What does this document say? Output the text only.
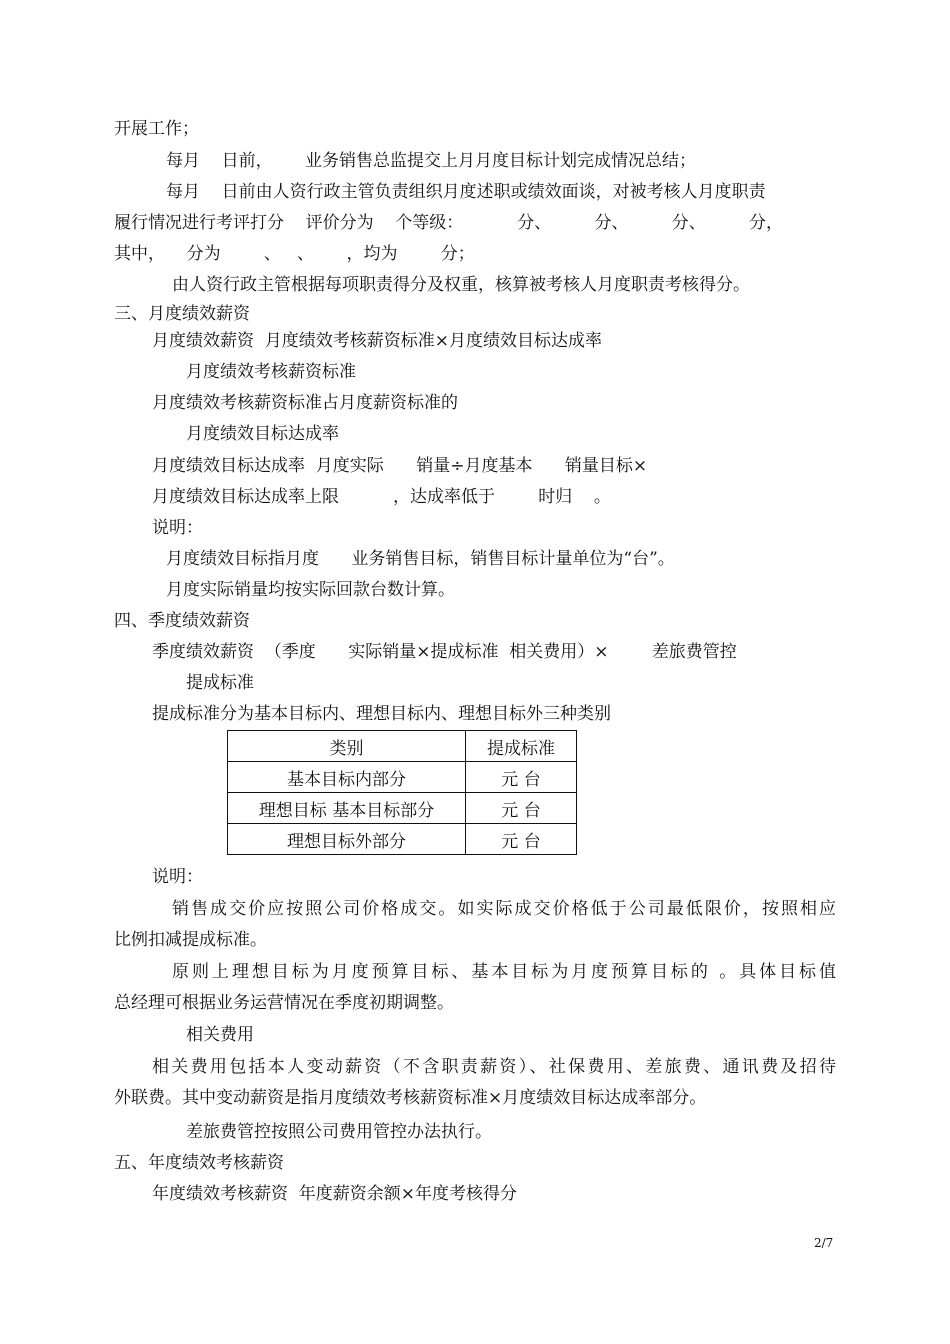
开展工作；
每月    日前，      业务销售总监提交上月月度目标计划完成情况总结；
每月    日前由人资行政主管负责组织月度述职或绩效面谈，对被考核人月度职责
履行情况进行考评打分    评价分为    个等级：          分、        分、        分、        分，
其中，    分为        、   、      ，均为        分；
由人资行政主管根据每项职责得分及权重，核算被考核人月度职责考核得分。
三、月度绩效薪资
月度绩效薪资  月度绩效考核薪资标准×月度绩效目标达成率
月度绩效考核薪资标准
月度绩效考核薪资标准占月度薪资标准的
月度绩效目标达成率
月度绩效目标达成率  月度实际      销量÷月度基本      销量目标×
月度绩效目标达成率上限          ，达成率低于        时归    。
说明：
月度绩效目标指月度      业务销售目标，销售目标计量单位为“台”。
月度实际销量均按实际回款台数计算。
四、季度绩效薪资
季度绩效薪资  （季度      实际销量×提成标准  相关费用）×        差旅费管控
提成标准
提成标准分为基本目标内、理想目标内、理想目标外三种类别
类别	提成标准
基本目标内部分	元 台
理想目标 基本目标部分	元 台
理想目标外部分	元 台
说明：
销售成交价应按照公司价格成交。如实际成交价格低于公司最低限价，按照相应
比例扣减提成标准。
原则上理想目标为月度预算目标、基本目标为月度预算目标的 。具体目标值
总经理可根据业务运营情况在季度初期调整。
相关费用
相关费用包括本人变动薪资（不含职责薪资）、社保费用、差旅费、通讯费及招待
外联费。其中变动薪资是指月度绩效考核薪资标准×月度绩效目标达成率部分。
差旅费管控按照公司费用管控办法执行。
五、年度绩效考核薪资
年度绩效考核薪资  年度薪资余额×年度考核得分
2/7
